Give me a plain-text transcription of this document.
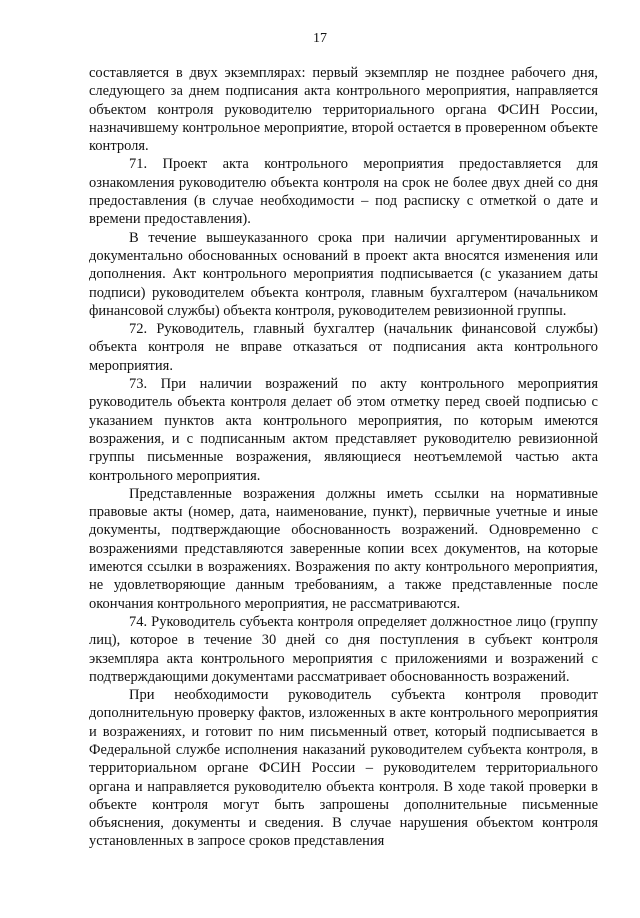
17

составляется в двух экземплярах: первый экземпляр не позднее рабочего дня, следующего за днем подписания акта контрольного мероприятия, направляется объектом контроля руководителю территориального органа ФСИН России, назначившему контрольное мероприятие, второй остается в проверенном объекте контроля.

71. Проект акта контрольного мероприятия предоставляется для ознакомления руководителю объекта контроля на срок не более двух дней со дня предоставления (в случае необходимости – под расписку с отметкой о дате и времени предоставления).

В течение вышеуказанного срока при наличии аргументированных и документально обоснованных оснований в проект акта вносятся изменения или дополнения. Акт контрольного мероприятия подписывается (с указанием даты подписи) руководителем объекта контроля, главным бухгалтером (начальником финансовой службы) объекта контроля, руководителем ревизионной группы.

72. Руководитель, главный бухгалтер (начальник финансовой службы) объекта контроля не вправе отказаться от подписания акта контрольного мероприятия.

73. При наличии возражений по акту контрольного мероприятия руководитель объекта контроля делает об этом отметку перед своей подписью с указанием пунктов акта контрольного мероприятия, по которым имеются возражения, и с подписанным актом представляет руководителю ревизионной группы письменные возражения, являющиеся неотъемлемой частью акта контрольного мероприятия.

Представленные возражения должны иметь ссылки на нормативные правовые акты (номер, дата, наименование, пункт), первичные учетные и иные документы, подтверждающие обоснованность возражений. Одновременно с возражениями представляются заверенные копии всех документов, на которые имеются ссылки в возражениях. Возражения по акту контрольного мероприятия, не удовлетворяющие данным требованиям, а также представленные после окончания контрольного мероприятия, не рассматриваются.

74. Руководитель субъекта контроля определяет должностное лицо (группу лиц), которое в течение 30 дней со дня поступления в субъект контроля экземпляра акта контрольного мероприятия с приложениями и возражений с подтверждающими документами рассматривает обоснованность возражений.

При необходимости руководитель субъекта контроля проводит дополнительную проверку фактов, изложенных в акте контрольного мероприятия и возражениях, и готовит по ним письменный ответ, который подписывается в Федеральной службе исполнения наказаний руководителем субъекта контроля, в территориальном органе ФСИН России – руководителем территориального органа и направляется руководителю объекта контроля. В ходе такой проверки в объекте контроля могут быть запрошены дополнительные письменные объяснения, документы и сведения. В случае нарушения объектом контроля установленных в запросе сроков представления
